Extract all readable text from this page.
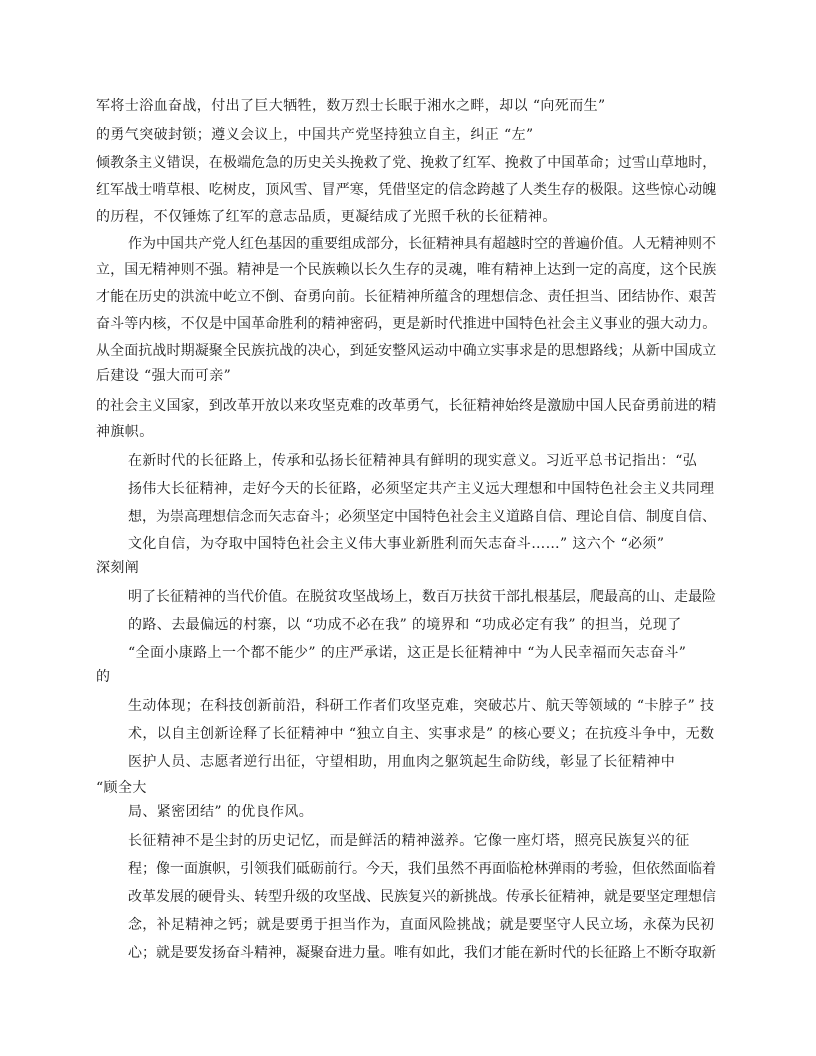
军将士浴血奋战，付出了巨大牺牲，数万烈士长眠于湘水之畔，却以 “向死而生”
的勇气突破封锁；遵义会议上，中国共产党坚持独立自主，纠正 “左”
倾教条主义错误，在极端危急的历史关头挽救了党、挽救了红军、挽救了中国革命；过雪山草地时，
红军战士啃草根、吃树皮，顶风雪、冒严寒，凭借坚定的信念跨越了人类生存的极限。这些惊心动魄
的历程，不仅锤炼了红军的意志品质，更凝结成了光照千秋的长征精神。
作为中国共产党人红色基因的重要组成部分，长征精神具有超越时空的普遍价值。人无精神则不
立，国无精神则不强。精神是一个民族赖以长久生存的灵魂，唯有精神上达到一定的高度，这个民族
才能在历史的洪流中屹立不倒、奋勇向前。长征精神所蕴含的理想信念、责任担当、团结协作、艰苦
奋斗等内核，不仅是中国革命胜利的精神密码，更是新时代推进中国特色社会主义事业的强大动力。
从全面抗战时期凝聚全民族抗战的决心，到延安整风运动中确立实事求是的思想路线；从新中国成立
后建设 “强大而可亲”
的社会主义国家，到改革开放以来攻坚克难的改革勇气，长征精神始终是激励中国人民奋勇前进的精
神旗帜。
在新时代的长征路上，传承和弘扬长征精神具有鲜明的现实意义。习近平总书记指出：“弘
扬伟大长征精神，走好今天的长征路，必须坚定共产主义远大理想和中国特色社会主义共同理
想，为崇高理想信念而矢志奋斗；必须坚定中国特色社会主义道路自信、理论自信、制度自信、
文化自信，为夺取中国特色社会主义伟大事业新胜利而矢志奋斗……” 这六个 “必须”
深刻阐
明了长征精神的当代价值。在脱贫攻坚战场上，数百万扶贫干部扎根基层，爬最高的山、走最险
的路、去最偏远的村寨，以 “功成不必在我” 的境界和 “功成必定有我” 的担当，兑现了
“全面小康路上一个都不能少” 的庄严承诺，这正是长征精神中 “为人民幸福而矢志奋斗”
的
生动体现；在科技创新前沿，科研工作者们攻坚克难，突破芯片、航天等领域的 “卡脖子” 技
术，以自主创新诠释了长征精神中 “独立自主、实事求是” 的核心要义；在抗疫斗争中，无数
医护人员、志愿者逆行出征，守望相助，用血肉之躯筑起生命防线，彰显了长征精神中
“顾全大
局、紧密团结” 的优良作风。
长征精神不是尘封的历史记忆，而是鲜活的精神滋养。它像一座灯塔，照亮民族复兴的征
程；像一面旗帜，引领我们砥砺前行。今天，我们虽然不再面临枪林弹雨的考验，但依然面临着
改革发展的硬骨头、转型升级的攻坚战、民族复兴的新挑战。传承长征精神，就是要坚定理想信
念，补足精神之钙；就是要勇于担当作为，直面风险挑战；就是要坚守人民立场，永葆为民初
心；就是要发扬奋斗精神，凝聚奋进力量。唯有如此，我们才能在新时代的长征路上不断夺取新
